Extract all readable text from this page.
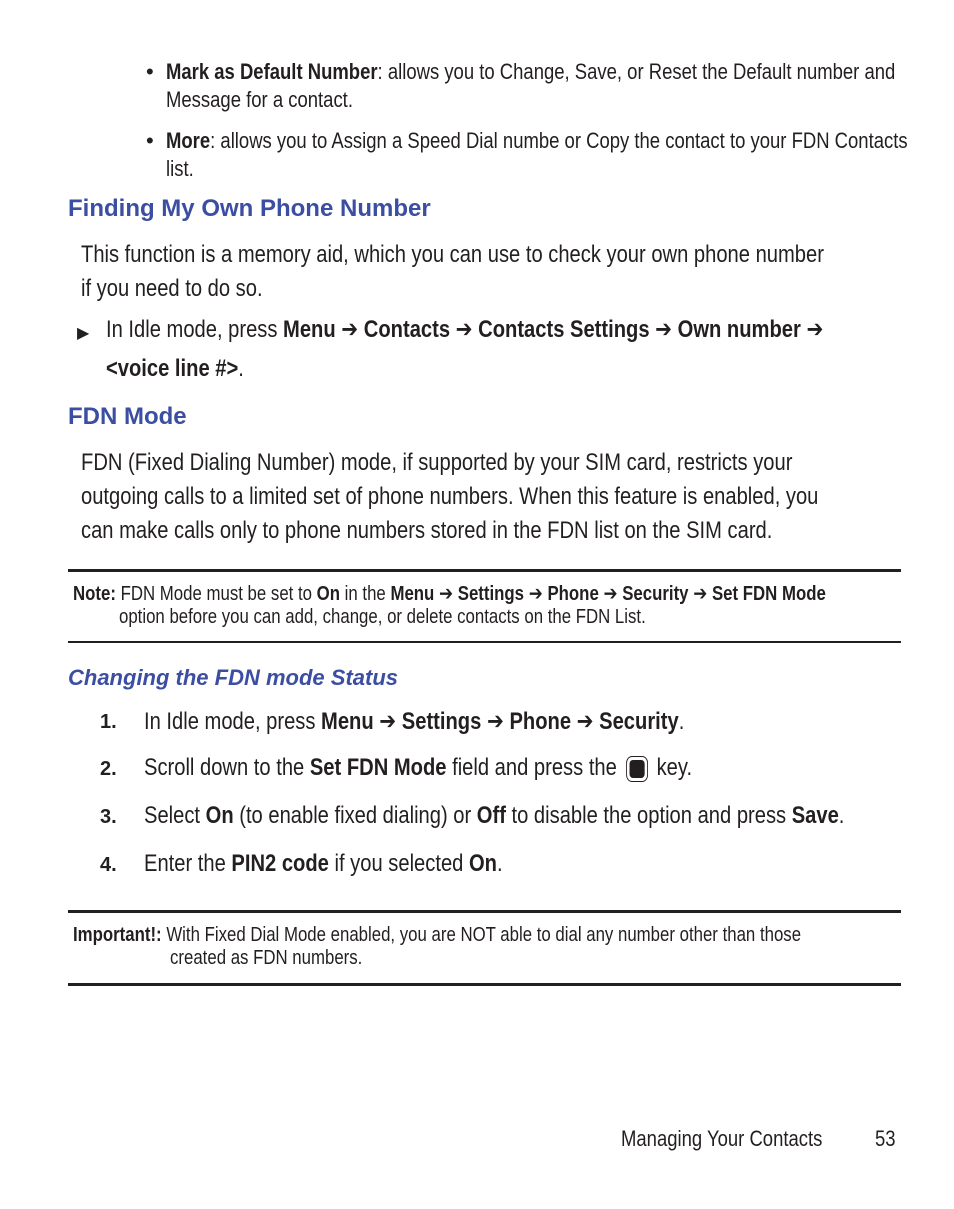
• Mark as Default Number: allows you to Change, Save, or Reset the Default number and
Message for a contact.
• More: allows you to Assign a Speed Dial numbe or Copy the contact to your FDN Contacts
list.
Finding My Own Phone Number
This function is a memory aid, which you can use to check your own phone number
if you need to do so.
▶ In Idle mode, press Menu ➔ Contacts ➔ Contacts Settings ➔ Own number ➔
<voice line #>.
FDN Mode
FDN (Fixed Dialing Number) mode, if supported by your SIM card, restricts your
outgoing calls to a limited set of phone numbers. When this feature is enabled, you
can make calls only to phone numbers stored in the FDN list on the SIM card.
Note: FDN Mode must be set to On in the Menu ➔ Settings ➔ Phone ➔ Security ➔ Set FDN Mode
option before you can add, change, or delete contacts on the FDN List.
Changing the FDN mode Status
1. In Idle mode, press Menu ➔ Settings ➔ Phone ➔ Security.
2. Scroll down to the Set FDN Mode field and press the  key.
3. Select On (to enable fixed dialing) or Off to disable the option and press Save.
4. Enter the PIN2 code if you selected On.
Important!: With Fixed Dial Mode enabled, you are NOT able to dial any number other than those
created as FDN numbers.
Managing Your Contacts	53
